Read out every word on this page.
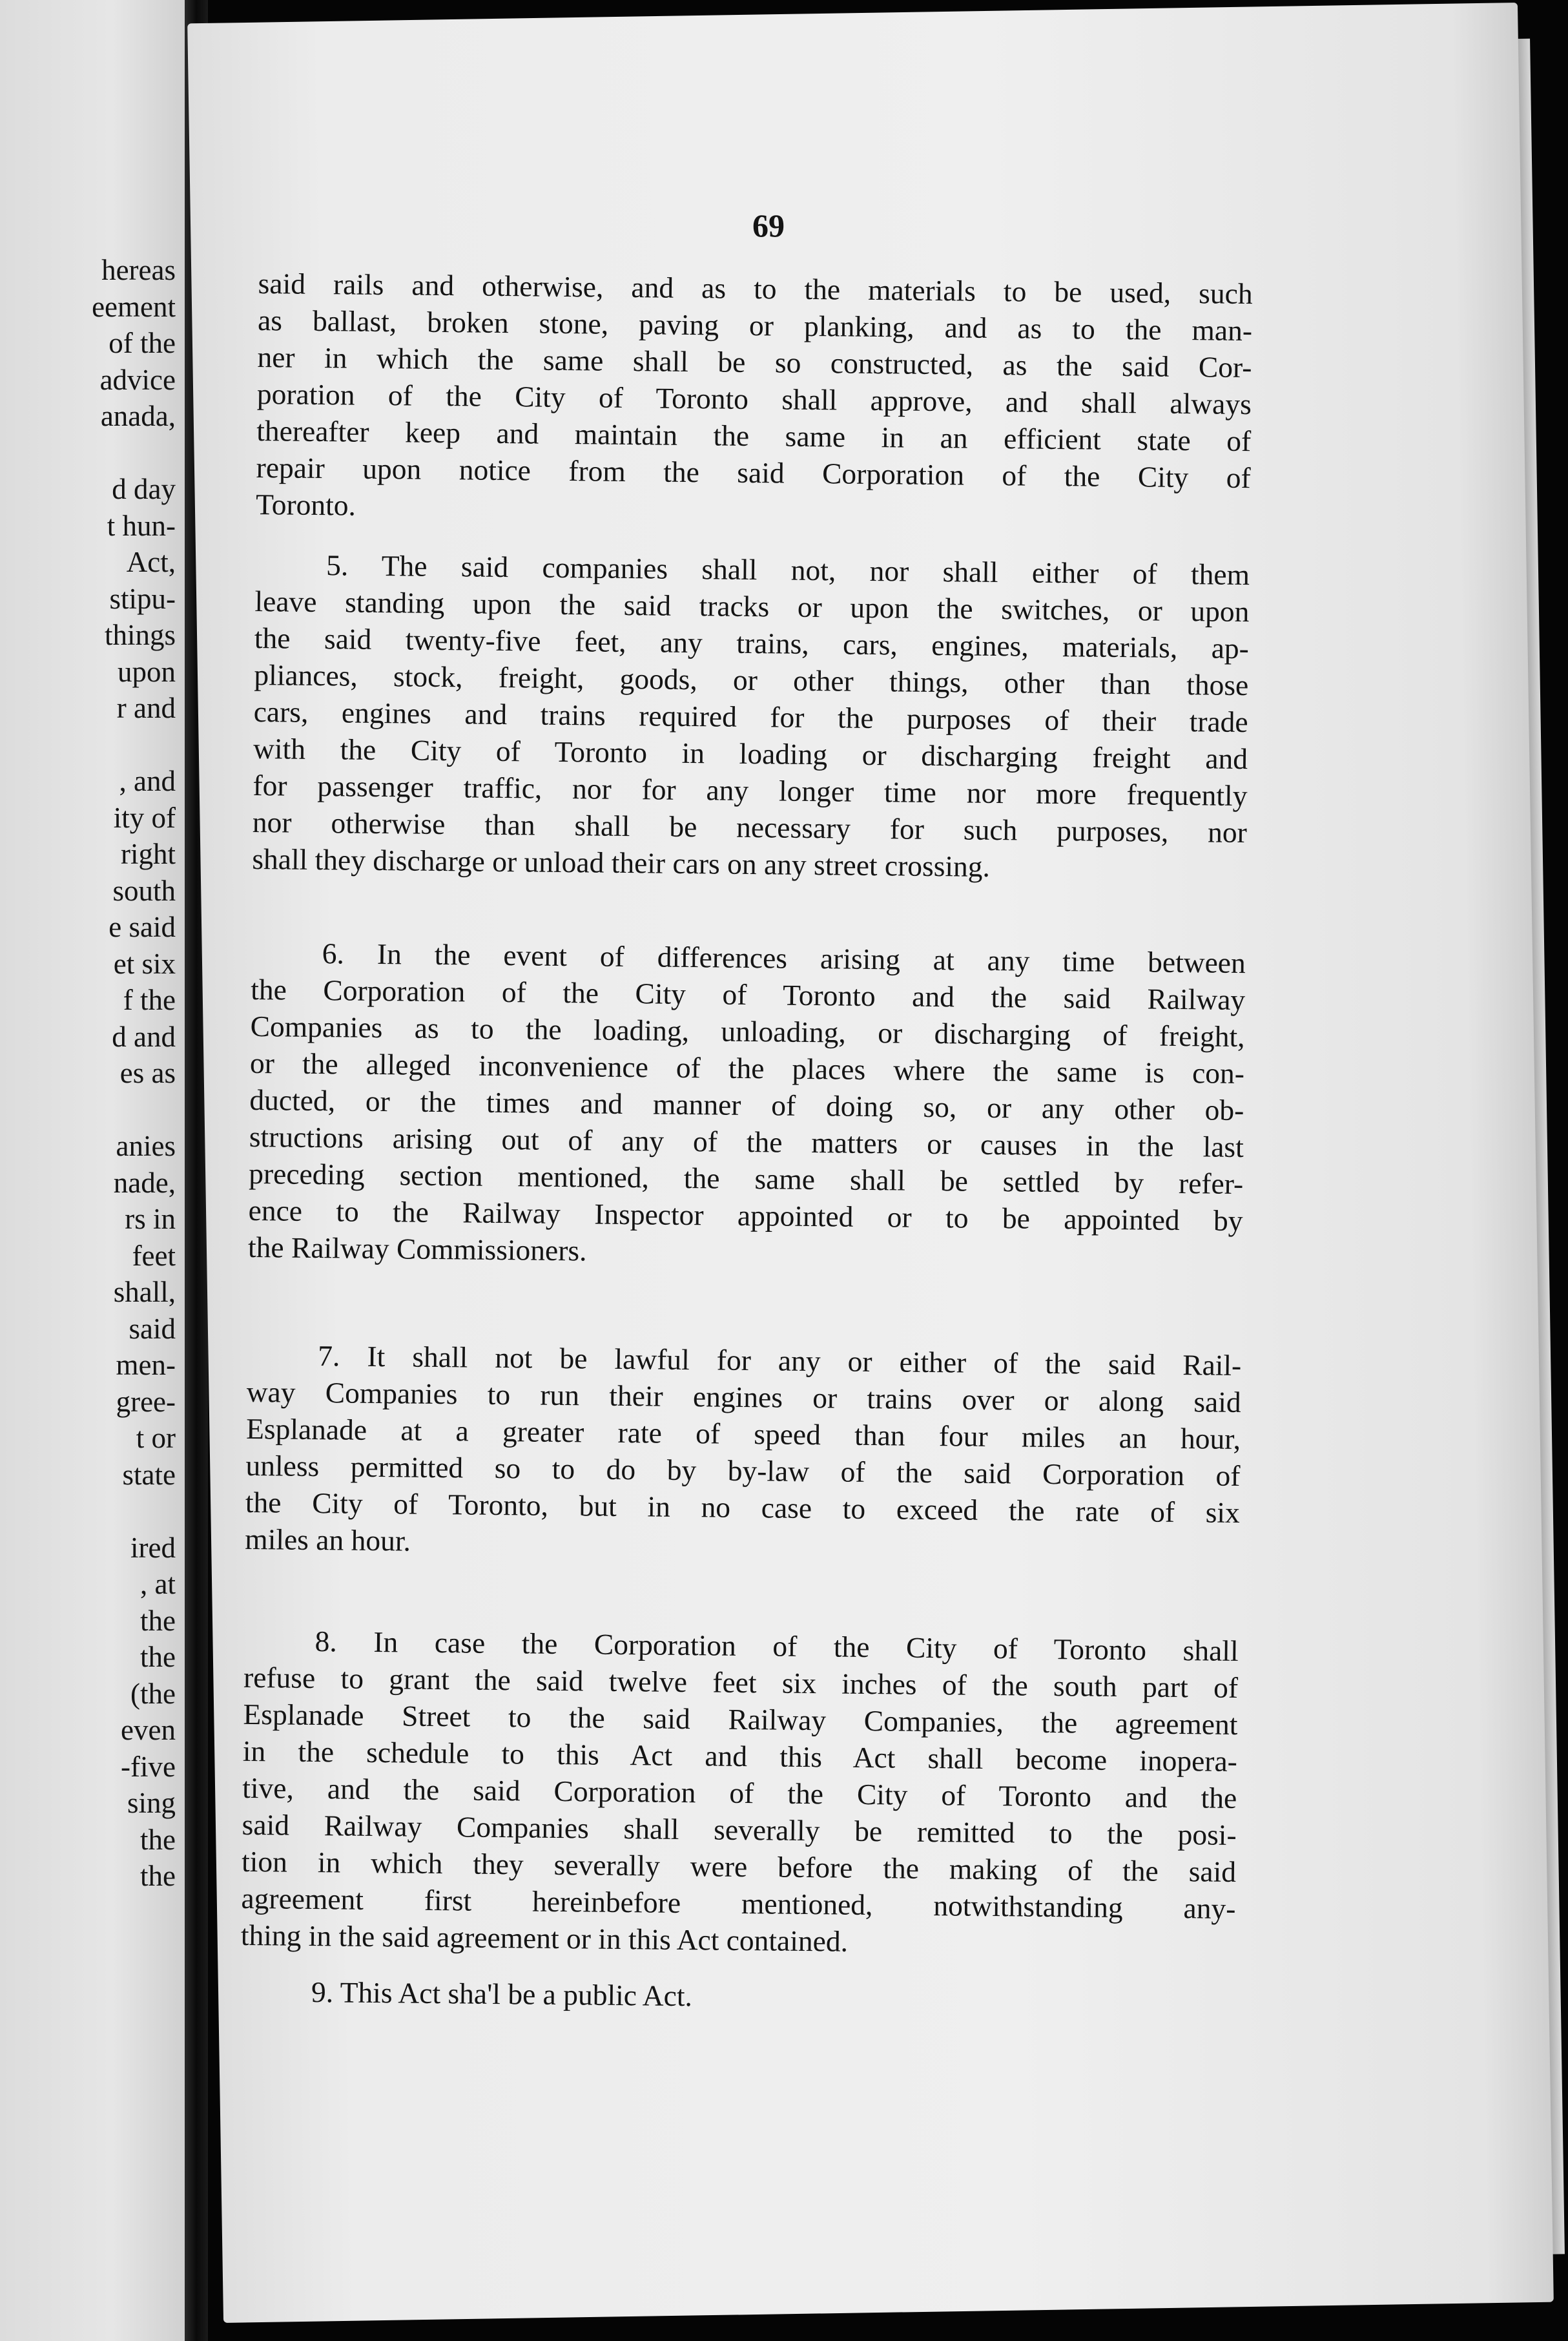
hereas
eement
of the
advice
anada,
d day
t hun-
Act,
stipu-
things
upon
r and
, and
ity of
right
south
e said
et six
f the
d and
es as
anies
nade,
rs in
feet
shall,
said
men-
gree-
t or
state
ired
, at
the
the
(the
even
-five
sing
the
the
69
said rails and otherwise, and as to the materials to be used, such
as ballast, broken stone, paving or planking, and as to the man-
ner in which the same shall be so constructed, as the said Cor-
poration of the City of Toronto shall approve, and shall always
thereafter keep and maintain the same in an efficient state of
repair upon notice from the said Corporation of the City of
Toronto.
5. The said companies shall not, nor shall either of them
leave standing upon the said tracks or upon the switches, or upon
the said twenty-five feet, any trains, cars, engines, materials, ap-
pliances, stock, freight, goods, or other things, other than those
cars, engines and trains required for the purposes of their trade
with the City of Toronto in loading or discharging freight and
for passenger traffic, nor for any longer time nor more frequently
nor otherwise than shall be necessary for such purposes, nor
shall they discharge or unload their cars on any street crossing.
6. In the event of differences arising at any time between
the Corporation of the City of Toronto and the said Railway
Companies as to the loading, unloading, or discharging of freight,
or the alleged inconvenience of the places where the same is con-
ducted, or the times and manner of doing so, or any other ob-
structions arising out of any of the matters or causes in the last
preceding section mentioned, the same shall be settled by refer-
ence to the Railway Inspector appointed or to be appointed by
the Railway Commissioners.
7. It shall not be lawful for any or either of the said Rail-
way Companies to run their engines or trains over or along said
Esplanade at a greater rate of speed than four miles an hour,
unless permitted so to do by by-law of the said Corporation of
the City of Toronto, but in no case to exceed the rate of six
miles an hour.
8. In case the Corporation of the City of Toronto shall
refuse to grant the said twelve feet six inches of the south part of
Esplanade Street to the said Railway Companies, the agreement
in the schedule to this Act and this Act shall become inopera-
tive, and the said Corporation of the City of Toronto and the
said Railway Companies shall severally be remitted to the posi-
tion in which they severally were before the making of the said
agreement first hereinbefore mentioned, notwithstanding any-
thing in the said agreement or in this Act contained.
9. This Act sha'l be a public Act.
